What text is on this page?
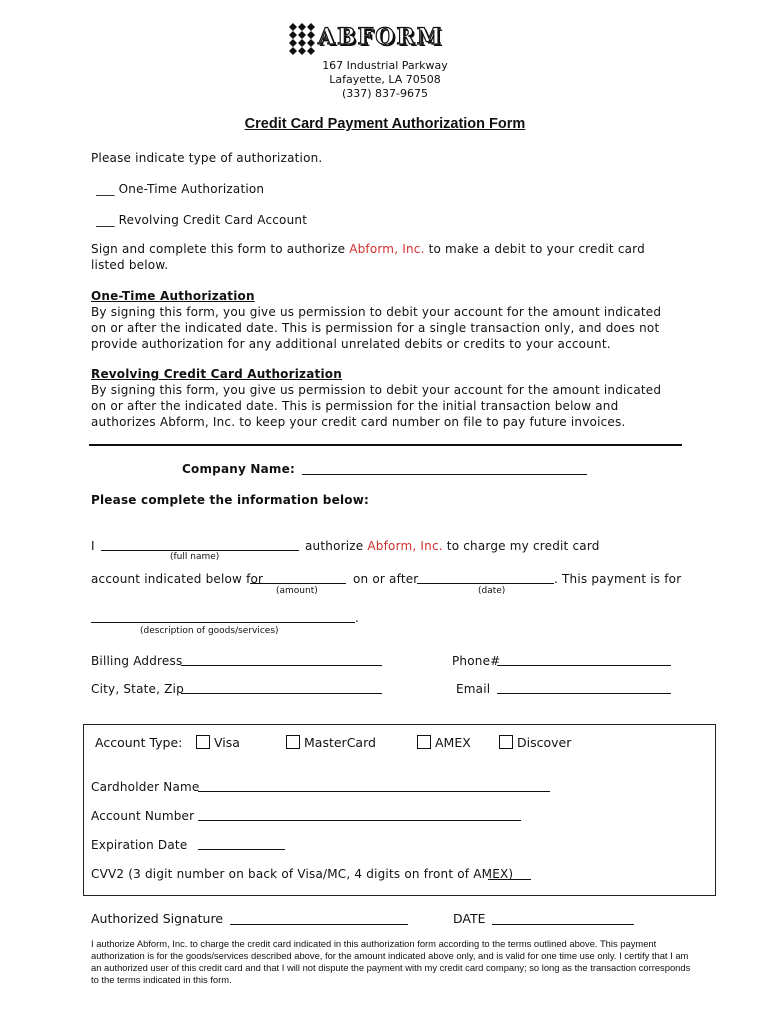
ABFORM
167 Industrial Parkway
Lafayette, LA 70508
(337) 837-9675
Credit Card Payment Authorization Form
Please indicate type of authorization.
___ One-Time Authorization
___ Revolving Credit Card Account
Sign and complete this form to authorize Abform, Inc. to make a debit to your credit card
listed below.
One-Time Authorization
By signing this form, you give us permission to debit your account for the amount indicated
on or after the indicated date. This is permission for a single transaction only, and does not
provide authorization for any additional unrelated debits or credits to your account.
Revolving Credit Card Authorization
By signing this form, you give us permission to debit your account for the amount indicated
on or after the indicated date. This is permission for the initial transaction below and
authorizes Abform, Inc. to keep your credit card number on file to pay future invoices.
Company Name:
Please complete the information below:
I	authorize Abform, Inc. to charge my credit card
(full name)
account indicated below for	on or after	. This payment is for
(amount)	(date)
.
(description of goods/services)
Billing Address	Phone#
City, State, Zip	Email
Account Type:	Visa	MasterCard	AMEX	Discover
Cardholder Name
Account Number
Expiration Date
CVV2 (3 digit number on back of Visa/MC, 4 digits on front of AMEX)
Authorized Signature	DATE
I authorize Abform, Inc. to charge the credit card indicated in this authorization form according to the terms outlined above. This payment authorization is for the goods/services described above, for the amount indicated above only, and is valid for one time use only. I certify that I am an authorized user of this credit card and that I will not dispute the payment with my credit card company; so long as the transaction corresponds to the terms indicated in this form.
